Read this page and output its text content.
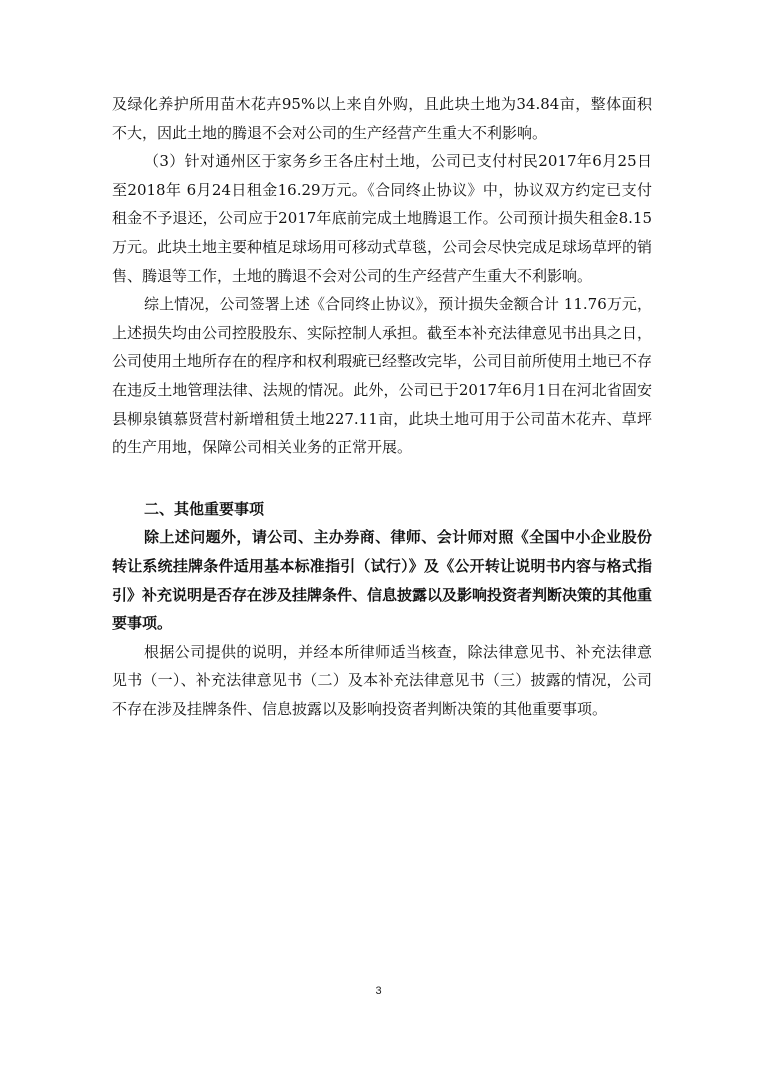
及绿化养护所用苗木花卉95%以上来自外购，且此块土地为34.84亩，整体面积不大，因此土地的腾退不会对公司的生产经营产生重大不利影响。

（3）针对通州区于家务乡王各庄村土地，公司已支付村民2017年6月25日至2018年 6月24日租金16.29万元。《合同终止协议》中，协议双方约定已支付租金不予退还，公司应于2017年底前完成土地腾退工作。公司预计损失租金8.15万元。此块土地主要种植足球场用可移动式草毯，公司会尽快完成足球场草坪的销售、腾退等工作，土地的腾退不会对公司的生产经营产生重大不利影响。

综上情况，公司签署上述《合同终止协议》，预计损失金额合计 11.76万元，上述损失均由公司控股股东、实际控制人承担。截至本补充法律意见书出具之日，公司使用土地所存在的程序和权利瑕疵已经整改完毕，公司目前所使用土地已不存在违反土地管理法律、法规的情况。此外，公司已于2017年6月1日在河北省固安县柳泉镇慕贤营村新增租赁土地227.11亩，此块土地可用于公司苗木花卉、草坪的生产用地，保障公司相关业务的正常开展。

二、其他重要事项

除上述问题外，请公司、主办券商、律师、会计师对照《全国中小企业股份转让系统挂牌条件适用基本标准指引（试行）》及《公开转让说明书内容与格式指引》补充说明是否存在涉及挂牌条件、信息披露以及影响投资者判断决策的其他重要事项。

根据公司提供的说明，并经本所律师适当核查，除法律意见书、补充法律意见书（一）、补充法律意见书（二）及本补充法律意见书（三）披露的情况，公司不存在涉及挂牌条件、信息披露以及影响投资者判断决策的其他重要事项。

3
